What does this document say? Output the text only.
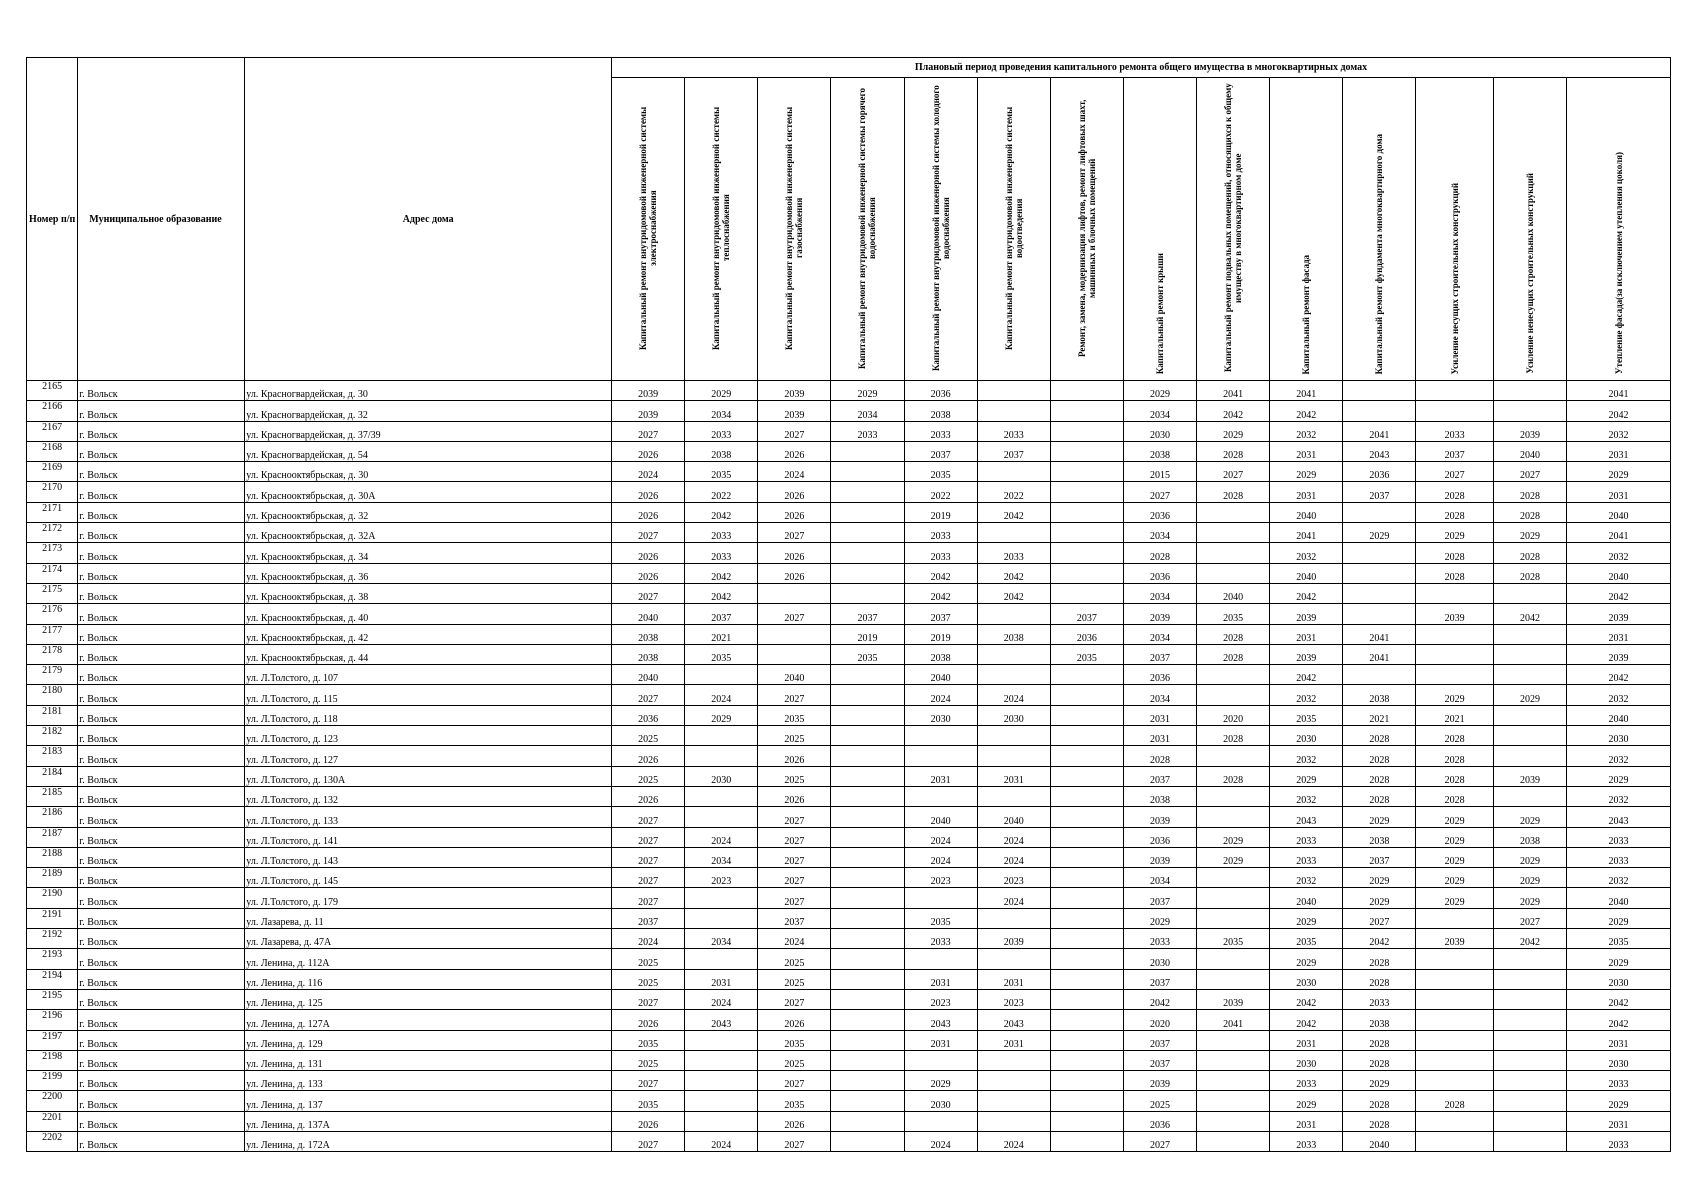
Номер п/п	Муниципальное образование	Адрес дома	Плановый период проведения капитального ремонта общего имущества в многоквартирных домах													

			Капитальный ремонт внутридомовой инженерной системы электроснабжения	Капитальный ремонт внутридомовой инженерной системы теплоснабжения	Капитальный ремонт внутридомовой инженерной системы газоснабжения	Капитальный ремонт внутридомовой инженерной системы горячего водоснабжения	Капитальный ремонт внутридомовой инженерной системы холодного водоснабжения	Капитальный ремонт внутридомовой инженерной системы водоотведения	Ремонт, замена, модернизация лифтов, ремонт лифтовых шахт, машинных и блочных помещений	Капитальный ремонт крыши	Капитальный ремонт подвальных помещений, относящихся к общему имуществу в многоквартирном доме	Капитальный ремонт фасада	Капитальный ремонт фундамента многоквартирного дома	Усиление несущих строительных конструкций	Усиление ненесущих строительных конструкций	Утепление фасада(за исключением утепления цоколя)

2165	г. Вольск	ул. Красногвардейская, д. 30	2039	2029	2039	2029	2036			2029	2041	2041				2041
2166	г. Вольск	ул. Красногвардейская, д. 32	2039	2034	2039	2034	2038			2034	2042	2042				2042
2167	г. Вольск	ул. Красногвардейская, д. 37/39	2027	2033	2027	2033	2033	2033		2030	2029	2032	2041	2033	2039	2032
2168	г. Вольск	ул. Красногвардейская, д. 54	2026	2038	2026		2037	2037		2038	2028	2031	2043	2037	2040	2031
2169	г. Вольск	ул. Краснооктябрьская, д. 30	2024	2035	2024		2035			2015	2027	2029	2036	2027	2027	2029
2170	г. Вольск	ул. Краснооктябрьская, д. 30А	2026	2022	2026		2022	2022		2027	2028	2031	2037	2028	2028	2031
2171	г. Вольск	ул. Краснооктябрьская, д. 32	2026	2042	2026		2019	2042		2036		2040		2028	2028	2040
2172	г. Вольск	ул. Краснооктябрьская, д. 32А	2027	2033	2027		2033			2034		2041	2029	2029	2029	2041
2173	г. Вольск	ул. Краснооктябрьская, д. 34	2026	2033	2026		2033	2033		2028		2032		2028	2028	2032
2174	г. Вольск	ул. Краснооктябрьская, д. 36	2026	2042	2026		2042	2042		2036		2040		2028	2028	2040
2175	г. Вольск	ул. Краснооктябрьская, д. 38	2027	2042			2042	2042		2034	2040	2042				2042
2176	г. Вольск	ул. Краснооктябрьская, д. 40	2040	2037	2027	2037	2037		2037	2039	2035	2039		2039	2042	2039
2177	г. Вольск	ул. Краснооктябрьская, д. 42	2038	2021		2019	2019	2038	2036	2034	2028	2031	2041			2031
2178	г. Вольск	ул. Краснооктябрьская, д. 44	2038	2035		2035	2038		2035	2037	2028	2039	2041			2039
2179	г. Вольск	ул. Л.Толстого, д. 107	2040		2040		2040			2036		2042				2042
2180	г. Вольск	ул. Л.Толстого, д. 115	2027	2024	2027		2024	2024		2034		2032	2038	2029	2029	2032
2181	г. Вольск	ул. Л.Толстого, д. 118	2036	2029	2035		2030	2030		2031	2020	2035	2021	2021		2040
2182	г. Вольск	ул. Л.Толстого, д. 123	2025		2025					2031	2028	2030	2028	2028		2030
2183	г. Вольск	ул. Л.Толстого, д. 127	2026		2026					2028		2032	2028	2028		2032
2184	г. Вольск	ул. Л.Толстого, д. 130А	2025	2030	2025		2031	2031		2037	2028	2029	2028	2028	2039	2029
2185	г. Вольск	ул. Л.Толстого, д. 132	2026		2026					2038		2032	2028	2028		2032
2186	г. Вольск	ул. Л.Толстого, д. 133	2027		2027		2040	2040		2039		2043	2029	2029	2029	2043
2187	г. Вольск	ул. Л.Толстого, д. 141	2027	2024	2027		2024	2024		2036	2029	2033	2038	2029	2038	2033
2188	г. Вольск	ул. Л.Толстого, д. 143	2027	2034	2027		2024	2024		2039	2029	2033	2037	2029	2029	2033
2189	г. Вольск	ул. Л.Толстого, д. 145	2027	2023	2027		2023	2023		2034		2032	2029	2029	2029	2032
2190	г. Вольск	ул. Л.Толстого, д. 179	2027		2027			2024		2037		2040	2029	2029	2029	2040
2191	г. Вольск	ул. Лазарева, д. 11	2037		2037		2035			2029		2029	2027		2027	2029
2192	г. Вольск	ул. Лазарева, д. 47А	2024	2034	2024		2033	2039		2033	2035	2035	2042	2039	2042	2035
2193	г. Вольск	ул. Ленина, д. 112А	2025		2025					2030		2029	2028			2029
2194	г. Вольск	ул. Ленина, д. 116	2025	2031	2025		2031	2031		2037		2030	2028			2030
2195	г. Вольск	ул. Ленина, д. 125	2027	2024	2027		2023	2023		2042	2039	2042	2033			2042
2196	г. Вольск	ул. Ленина, д. 127А	2026	2043	2026		2043	2043		2020	2041	2042	2038			2042
2197	г. Вольск	ул. Ленина, д. 129	2035		2035		2031	2031		2037		2031	2028			2031
2198	г. Вольск	ул. Ленина, д. 131	2025		2025					2037		2030	2028			2030
2199	г. Вольск	ул. Ленина, д. 133	2027		2027		2029			2039		2033	2029			2033
2200	г. Вольск	ул. Ленина, д. 137	2035		2035		2030			2025		2029	2028	2028		2029
2201	г. Вольск	ул. Ленина, д. 137А	2026		2026					2036		2031	2028			2031
2202	г. Вольск	ул. Ленина, д. 172А	2027	2024	2027		2024	2024		2027		2033	2040			2033
